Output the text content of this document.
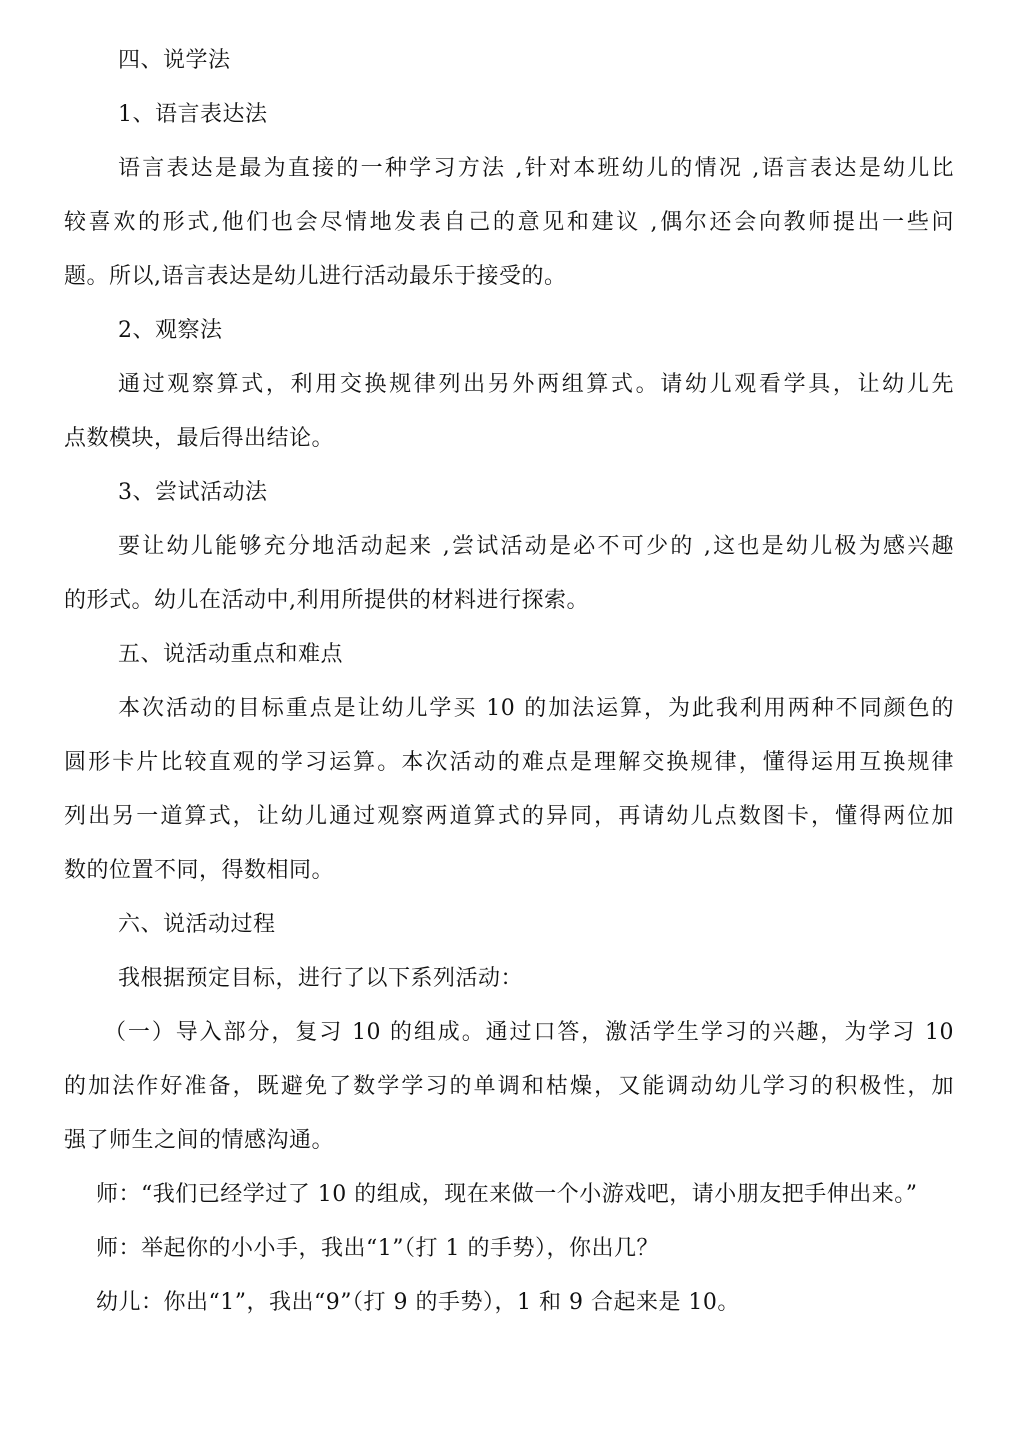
四、说学法
1、语言表达法
语言表达是最为直接的一种学习方法 ,针对本班幼儿的情况 ,语言表达是幼儿比
较喜欢的形式,他们也会尽情地发表自己的意见和建议 ,偶尔还会向教师提出一些问
题。所以,语言表达是幼儿进行活动最乐于接受的。
2、观察法
通过观察算式，利用交换规律列出另外两组算式。请幼儿观看学具，让幼儿先
点数模块，最后得出结论。
3、尝试活动法
要让幼儿能够充分地活动起来 ,尝试活动是必不可少的 ,这也是幼儿极为感兴趣
的形式。幼儿在活动中,利用所提供的材料进行探索。
五、说活动重点和难点
本次活动的目标重点是让幼儿学买 10 的加法运算，为此我利用两种不同颜色的
圆形卡片比较直观的学习运算。本次活动的难点是理解交换规律，懂得运用互换规律
列出另一道算式，让幼儿通过观察两道算式的异同，再请幼儿点数图卡，懂得两位加
数的位置不同，得数相同。
六、说活动过程
我根据预定目标，进行了以下系列活动：
（一）导入部分，复习 10 的组成。通过口答，激活学生学习的兴趣，为学习 10
的加法作好准备，既避免了数学学习的单调和枯燥，又能调动幼儿学习的积极性，加
强了师生之间的情感沟通。
师：“我们已经学过了 10 的组成，现在来做一个小游戏吧，请小朋友把手伸出来。”
师：举起你的小小手，我出“1”（打 1 的手势），你出几？
幼儿：你出“1”，我出“9”（打 9 的手势），1 和 9 合起来是 10。
